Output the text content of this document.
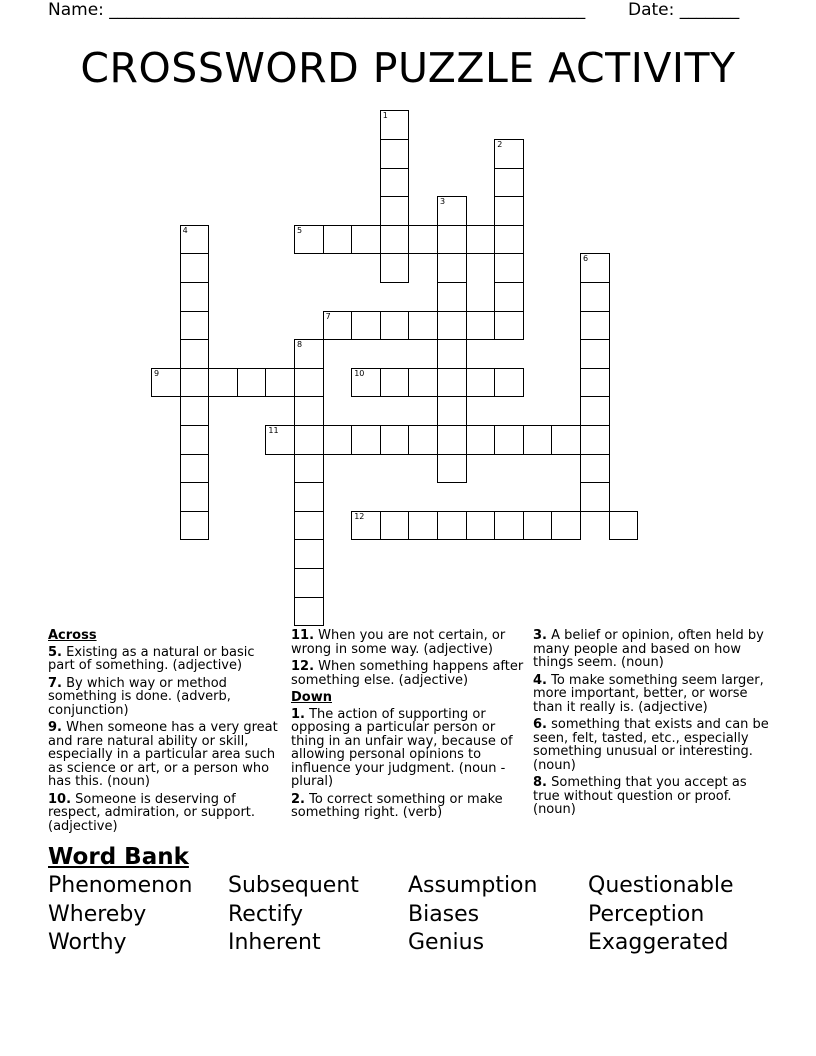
Name: ________________________________________________________	Date: _______
CROSSWORD PUZZLE ACTIVITY
1
2
3
4	5
6
7
8
9	10
11
12
Across
5. Existing as a natural or basic part of something. (adjective)
7. By which way or method something is done. (adverb, conjunction)
9. When someone has a very great and rare natural ability or skill, especially in a particular area such as science or art, or a person who has this. (noun)
10. Someone is deserving of respect, admiration, or support. (adjective)
11. When you are not certain, or wrong in some way. (adjective)
12. When something happens after something else. (adjective)
Down
1. The action of supporting or opposing a particular person or thing in an unfair way, because of allowing personal opinions to influence your judgment. (noun - plural)
2. To correct something or make something right. (verb)
3. A belief or opinion, often held by many people and based on how things seem. (noun)
4. To make something seem larger, more important, better, or worse than it really is. (adjective)
6. something that exists and can be seen, felt, tasted, etc., especially something unusual or interesting. (noun)
8. Something that you accept as true without question or proof. (noun)
Word Bank
Phenomenon Subsequent Assumption Questionable
Whereby	Rectify	Biases	Perception
Worthy	Inherent	Genius	Exaggerated
